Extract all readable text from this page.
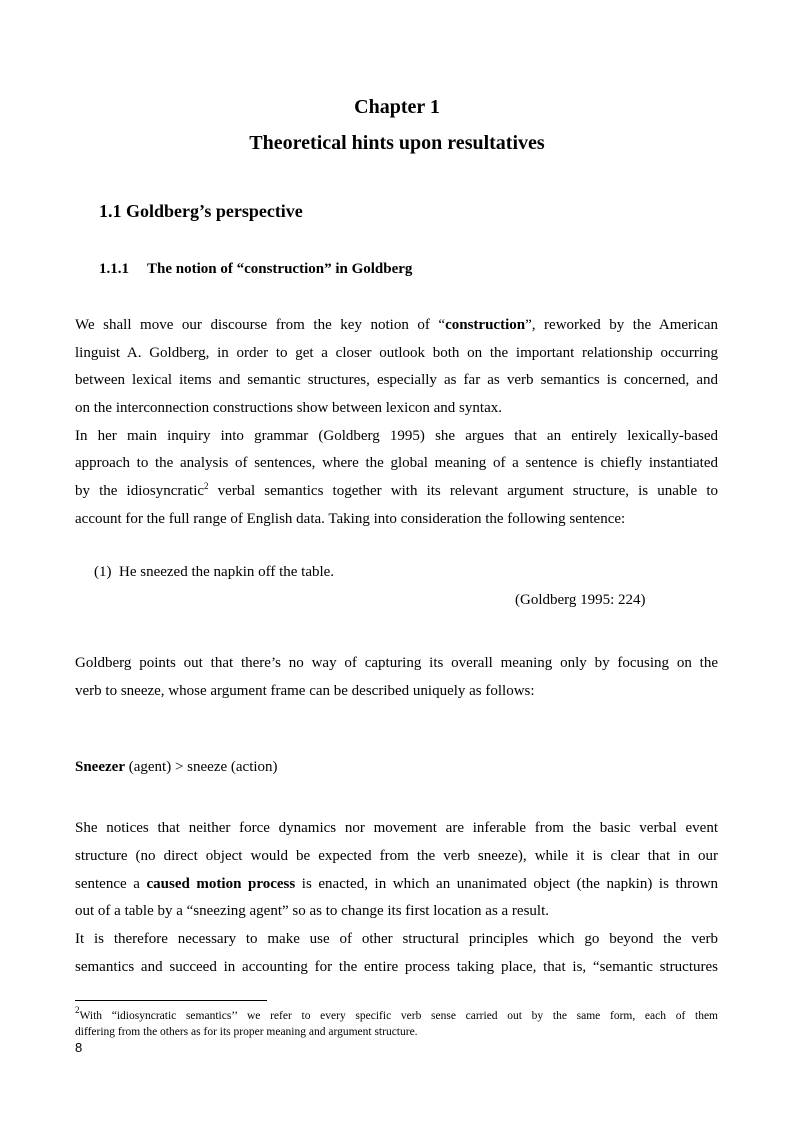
Chapter 1
Theoretical hints upon resultatives
1.1 Goldberg’s perspective
1.1.1 The notion of “construction” in Goldberg
We shall move our discourse from the key notion of “construction”, reworked by the American
linguist A. Goldberg, in order to get a closer outlook both on the important relationship occurring
between lexical items and semantic structures, especially as far as verb semantics is concerned, and
on the interconnection constructions show between lexicon and syntax.
In her main inquiry into grammar (Goldberg 1995) she argues that an entirely lexically-based
approach to the analysis of sentences, where the global meaning of a sentence is chiefly instantiated
by the idiosyncratic$^2$ verbal semantics together with its relevant argument structure, is unable to
account for the full range of English data. Taking into consideration the following sentence:
(1) He sneezed the napkin off the table.
(Goldberg 1995: 224)
Goldberg points out that there’s no way of capturing its overall meaning only by focusing on the
verb to sneeze, whose argument frame can be described uniquely as follows:
Sneezer (agent) > sneeze (action)
She notices that neither force dynamics nor movement are inferable from the basic verbal event
structure (no direct object would be expected from the verb sneeze), while it is clear that in our
sentence a caused motion process is enacted, in which an unanimated object (the napkin) is thrown
out of a table by a “sneezing agent” so as to change its first location as a result.
It is therefore necessary to make use of other structural principles which go beyond the verb
semantics and succeed in accounting for the entire process taking place, that is, “semantic structures
$^2$With “idiosyncratic semantics’’ we refer to every specific verb sense carried out by the same form, each of them
differing from the others as for its proper meaning and argument structure.
8
